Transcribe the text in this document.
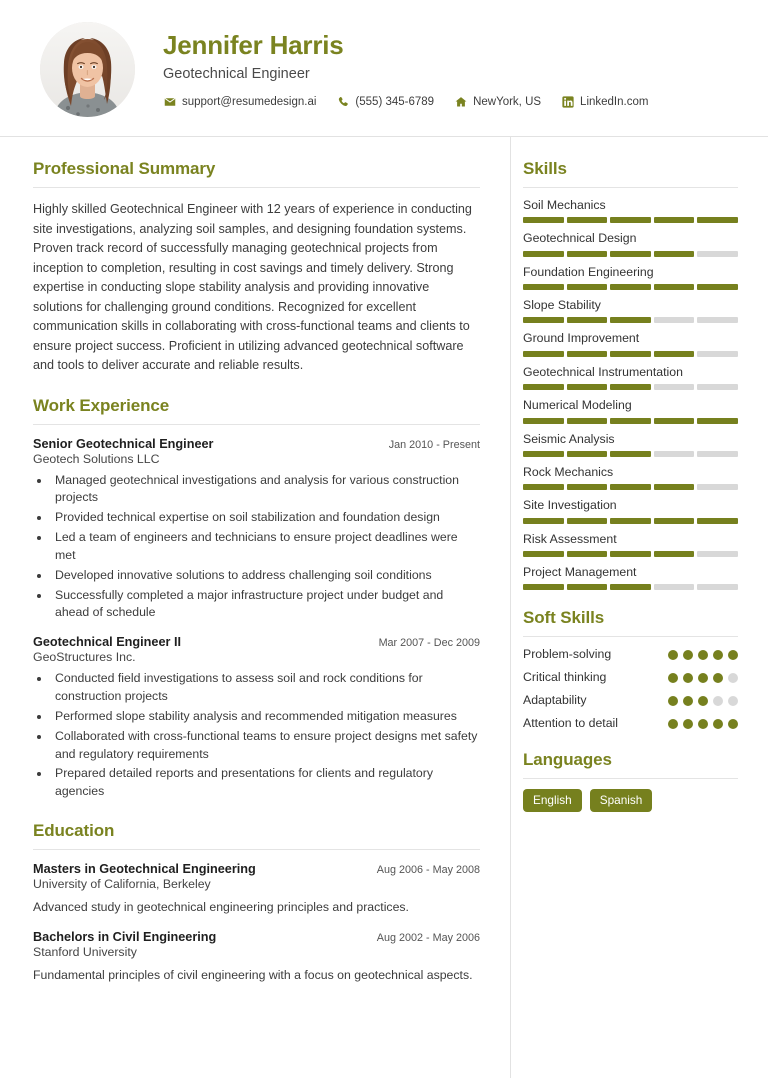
Jennifer Harris
Geotechnical Engineer
support@resumedesign.ai	(555) 345-6789	NewYork, US	LinkedIn.com
Professional Summary
Highly skilled Geotechnical Engineer with 12 years of experience in conducting site investigations, analyzing soil samples, and designing foundation systems. Proven track record of successfully managing geotechnical projects from inception to completion, resulting in cost savings and timely delivery. Strong expertise in conducting slope stability analysis and providing innovative solutions for challenging ground conditions. Recognized for excellent communication skills in collaborating with cross-functional teams and clients to ensure project success. Proficient in utilizing advanced geotechnical software and tools to deliver accurate and reliable results.
Work Experience
Senior Geotechnical Engineer	Jan 2010 - Present
Geotech Solutions LLC
• Managed geotechnical investigations and analysis for various construction projects
• Provided technical expertise on soil stabilization and foundation design
• Led a team of engineers and technicians to ensure project deadlines were met
• Developed innovative solutions to address challenging soil conditions
• Successfully completed a major infrastructure project under budget and ahead of schedule
Geotechnical Engineer II	Mar 2007 - Dec 2009
GeoStructures Inc.
• Conducted field investigations to assess soil and rock conditions for construction projects
• Performed slope stability analysis and recommended mitigation measures
• Collaborated with cross-functional teams to ensure project designs met safety and regulatory requirements
• Prepared detailed reports and presentations for clients and regulatory agencies
Education
Masters in Geotechnical Engineering	Aug 2006 - May 2008
University of California, Berkeley
Advanced study in geotechnical engineering principles and practices.
Bachelors in Civil Engineering	Aug 2002 - May 2006
Stanford University
Fundamental principles of civil engineering with a focus on geotechnical aspects.
Skills
Soil Mechanics
Geotechnical Design
Foundation Engineering
Slope Stability
Ground Improvement
Geotechnical Instrumentation
Numerical Modeling
Seismic Analysis
Rock Mechanics
Site Investigation
Risk Assessment
Project Management
Soft Skills
Problem-solving
Critical thinking
Adaptability
Attention to detail
Languages
English	Spanish
